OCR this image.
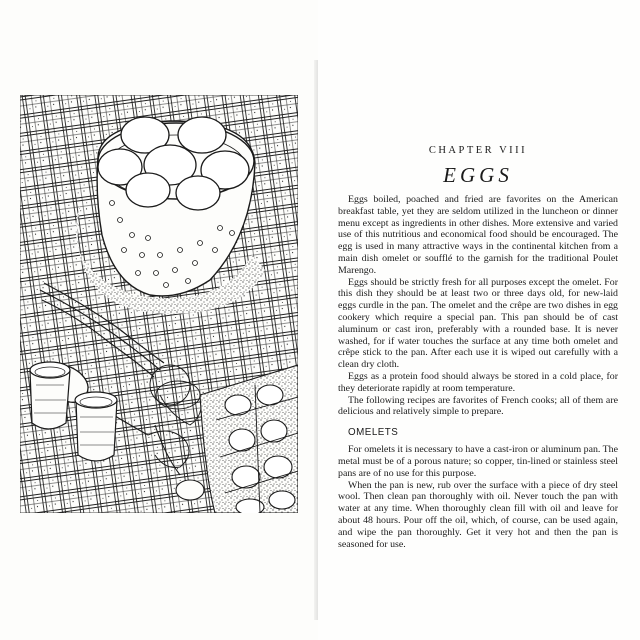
CHAPTER VIII
EGGS

Eggs boiled, poached and fried are favorites on the American breakfast table, yet they are seldom utilized in the luncheon or dinner menu except as ingredients in other dishes. More extensive and varied use of this nutritious and economical food should be encouraged. The egg is used in many attractive ways in the continental kitchen from a main dish omelet or soufflé to the garnish for the traditional Poulet Marengo.

Eggs should be strictly fresh for all purposes except the omelet. For this dish they should be at least two or three days old, for new-laid eggs curdle in the pan. The omelet and the crêpe are two dishes in egg cookery which require a special pan. This pan should be of cast aluminum or cast iron, preferably with a rounded base. It is never washed, for if water touches the surface at any time both omelet and crêpe stick to the pan. After each use it is wiped out carefully with a clean dry cloth.

Eggs as a protein food should always be stored in a cold place, for they deteriorate rapidly at room temperature.

The following recipes are favorites of French cooks; all of them are delicious and relatively simple to prepare.

OMELETS

For omelets it is necessary to have a cast-iron or aluminum pan. The metal must be of a porous nature; so copper, tin-lined or stainless steel pans are of no use for this purpose.

When the pan is new, rub over the surface with a piece of dry steel wool. Then clean pan thoroughly with oil. Never touch the pan with water at any time. When thoroughly clean fill with oil and leave for about 48 hours. Pour off the oil, which, of course, can be used again, and wipe the pan thoroughly. Get it very hot and then the pan is seasoned for use.
